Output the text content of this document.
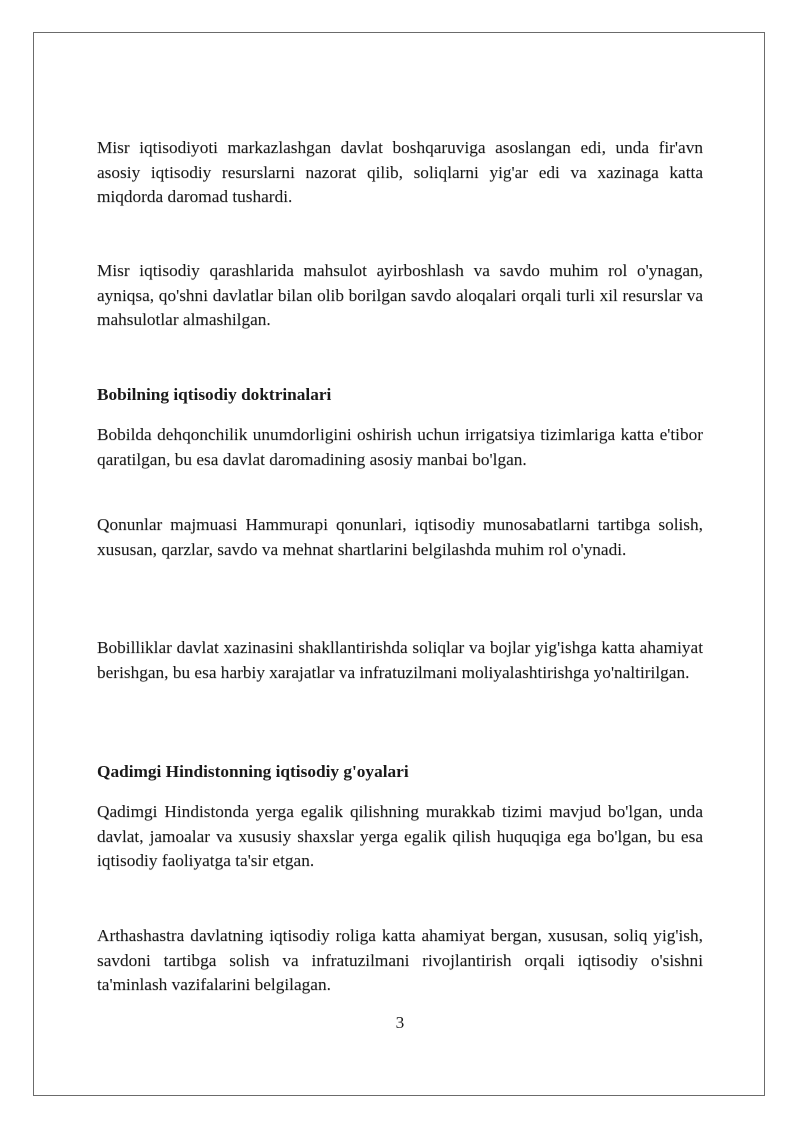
Misr iqtisodiyoti markazlashgan davlat boshqaruviga asoslangan edi, unda fir'avn asosiy iqtisodiy resurslarni nazorat qilib, soliqlarni yig'ar edi va xazinaga katta miqdorda daromad tushardi.

Misr iqtisodiy qarashlarida mahsulot ayirboshlash va savdo muhim rol o'ynagan, ayniqsa, qo'shni davlatlar bilan olib borilgan savdo aloqalari orqali turli xil resurslar va mahsulotlar almashilgan.

Bobilning iqtisodiy doktrinalari

Bobilda dehqonchilik unumdorligini oshirish uchun irrigatsiya tizimlariga katta e'tibor qaratilgan, bu esa davlat daromadining asosiy manbai bo'lgan.

Qonunlar majmuasi Hammurapi qonunlari, iqtisodiy munosabatlarni tartibga solish, xususan, qarzlar, savdo va mehnat shartlarini belgilashda muhim rol o'ynadi.

Bobilliklar davlat xazinasini shakllantirishda soliqlar va bojlar yig'ishga katta ahamiyat berishgan, bu esa harbiy xarajatlar va infratuzilmani moliyalashtirishga yo'naltirilgan.

Qadimgi Hindistonning iqtisodiy g'oyalari

Qadimgi Hindistonda yerga egalik qilishning murakkab tizimi mavjud bo'lgan, unda davlat, jamoalar va xususiy shaxslar yerga egalik qilish huquqiga ega bo'lgan, bu esa iqtisodiy faoliyatga ta'sir etgan.

Arthashastra davlatning iqtisodiy roliga katta ahamiyat bergan, xususan, soliq yig'ish, savdoni tartibga solish va infratuzilmani rivojlantirish orqali iqtisodiy o'sishni ta'minlash vazifalarini belgilagan.

3
